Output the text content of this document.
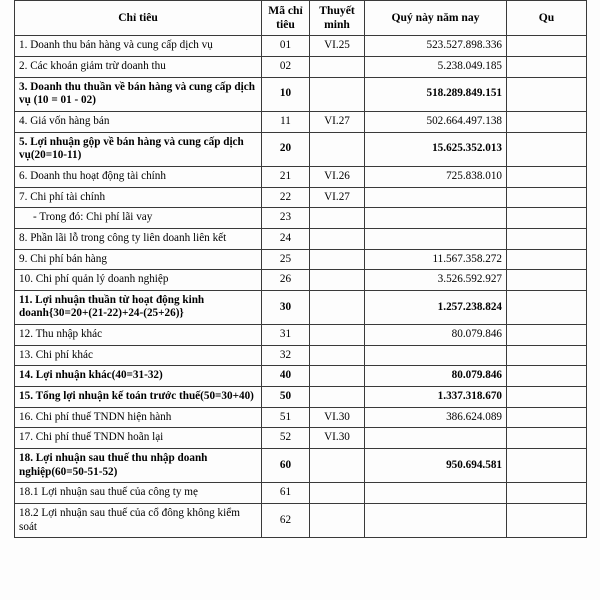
Chỉ tiêu	Mã chỉ tiêu	Thuyết minh	Quý này năm nay	Qu
1. Doanh thu bán hàng và cung cấp dịch vụ	01	VI.25	523.527.898.336	
2. Các khoản giảm trừ doanh thu	02		5.238.049.185	
3. Doanh thu thuần về bán hàng và cung cấp dịch vụ (10 = 01 - 02)	10		518.289.849.151	
4. Giá vốn hàng bán	11	VI.27	502.664.497.138	
5. Lợi nhuận gộp về bán hàng và cung cấp dịch vụ(20=10-11)	20		15.625.352.013	
6. Doanh thu hoạt động tài chính	21	VI.26	725.838.010	
7. Chi phí tài chính	22	VI.27		
- Trong đó: Chi phí lãi vay	23			
8. Phần lãi lỗ trong công ty liên doanh liên kết	24			
9. Chi phí bán hàng	25		11.567.358.272	
10. Chi phí quản lý doanh nghiệp	26		3.526.592.927	
11. Lợi nhuận thuần từ hoạt động kinh doanh{30=20+(21-22)+24-(25+26)}	30		1.257.238.824	
12. Thu nhập khác	31		80.079.846	
13. Chi phí khác	32			
14. Lợi nhuận khác(40=31-32)	40		80.079.846	
15. Tổng lợi nhuận kế toán trước thuế(50=30+40)	50		1.337.318.670	
16. Chi phí thuế TNDN hiện hành	51	VI.30	386.624.089	
17. Chi phí thuế TNDN hoãn lại	52	VI.30		
18. Lợi nhuận sau thuế thu nhập doanh nghiệp(60=50-51-52)	60		950.694.581	
18.1 Lợi nhuận sau thuế của công ty mẹ	61			
18.2 Lợi nhuận sau thuế của cổ đông không kiểm soát	62			
